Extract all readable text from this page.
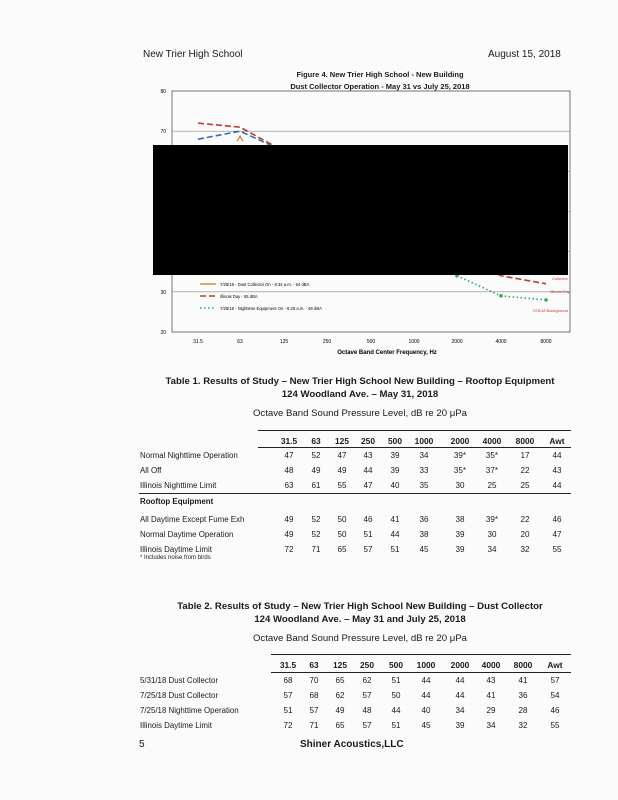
New Trier High School	August 15, 2018
Figure 4. New Trier High School - New Building
Dust Collector Operation - May 31 vs July 25, 2018
20
30
70
80
31.5	63	125	250	500	1000	2000	4000	8000
7/25/18 - Dust Collector On - 8:34 a.m. - 54 dBA
Illinois Day - 55 dBA
7/25/18 - Nighttime Equipment On - 6:29 a.m. - 46 dBA
Collector
Illinois Day
7/25/18 Background
Octave Band Center Frequency, Hz
Table 1. Results of Study – New Trier High School New Building – Rooftop Equipment
124 Woodland Ave. – May 31, 2018
Octave Band Sound Pressure Level, dB re 20 μPa
31.5	63	125	250	500	1000	2000	4000	8000	Awt
Normal Nighttime Operation	47	52	47	43	39	34	39*	35*	17	44
All Off	48	49	49	44	39	33	35*	37*	22	43
Illinois Nighttime Limit	63	61	55	47	40	35	30	25	25	44
Rooftop Equipment
All Daytime Except Fume Exh	49	52	50	46	41	36	38	39*	22	46
Normal Daytime Operation	49	52	50	51	44	38	39	30	20	47
Illinois Daytime Limit	72	71	65	57	51	45	39	34	32	55
* Includes noise from birds
Table 2. Results of Study – New Trier High School New Building – Dust Collector
124 Woodland Ave. – May 31 and July 25, 2018
Octave Band Sound Pressure Level, dB re 20 μPa
31.5	63	125	250	500	1000	2000	4000	8000	Awt
5/31/18 Dust Collector	68	70	65	62	51	44	44	43	41	57
7/25/18 Dust Collector	57	68	62	57	50	44	44	41	36	54
7/25/18 Nighttime Operation	51	57	49	48	44	40	34	29	28	46
Illinois Daytime Limit	72	71	65	57	51	45	39	34	32	55
5	Shiner Acoustics,LLC
